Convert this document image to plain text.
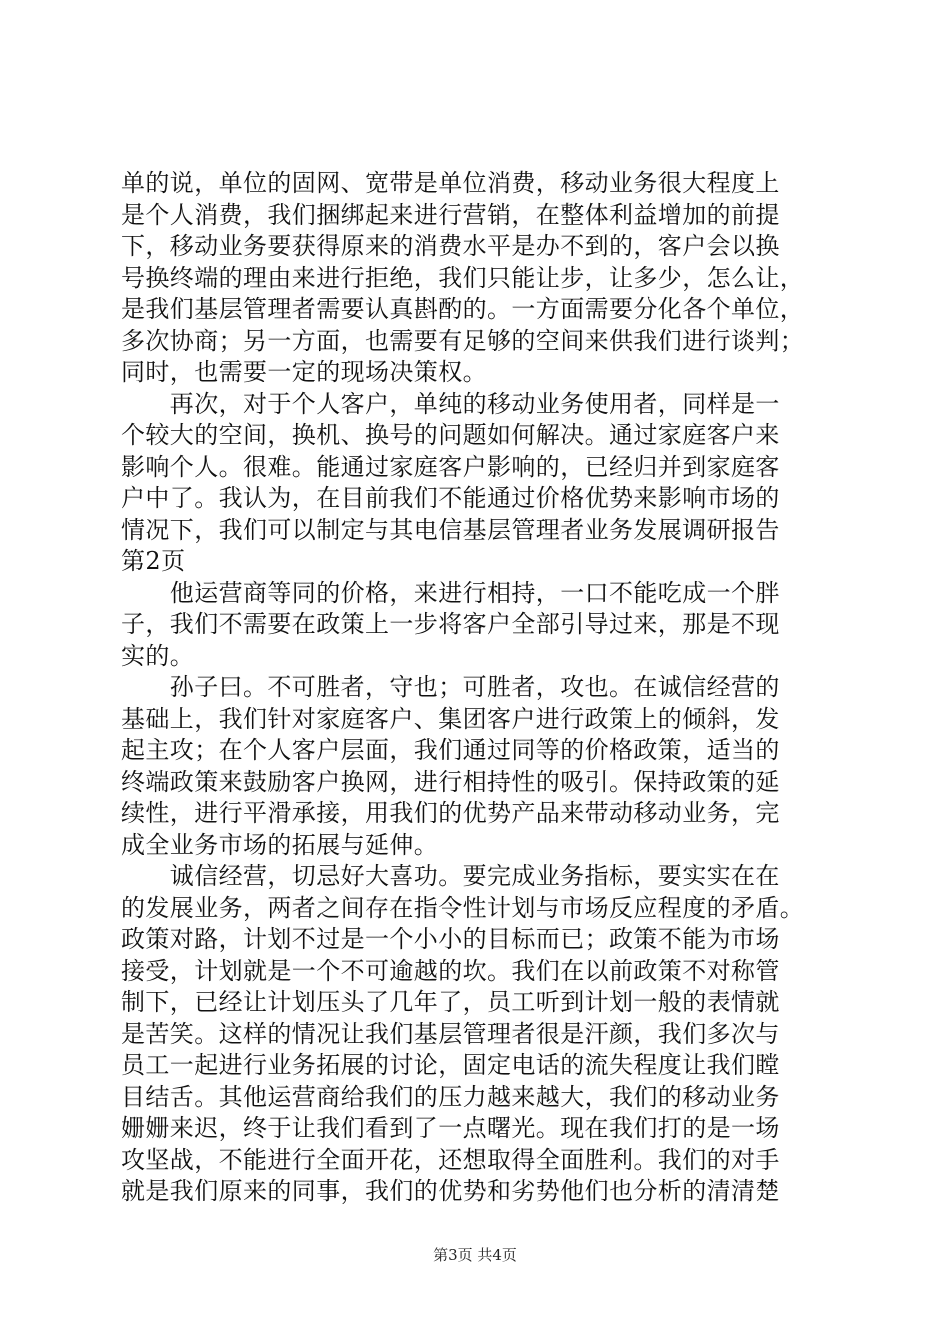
单的说，单位的固网、宽带是单位消费，移动业务很大程度上
是个人消费，我们捆绑起来进行营销，在整体利益增加的前提
下，移动业务要获得原来的消费水平是办不到的，客户会以换
号换终端的理由来进行拒绝，我们只能让步，让多少，怎么让，
是我们基层管理者需要认真斟酌的。一方面需要分化各个单位，
多次协商；另一方面，也需要有足够的空间来供我们进行谈判；
同时，也需要一定的现场决策权。
　　再次，对于个人客户，单纯的移动业务使用者，同样是一
个较大的空间，换机、换号的问题如何解决。通过家庭客户来
影响个人。很难。能通过家庭客户影响的，已经归并到家庭客
户中了。我认为，在目前我们不能通过价格优势来影响市场的
情况下，我们可以制定与其电信基层管理者业务发展调研报告
第2页
　　他运营商等同的价格，来进行相持，一口不能吃成一个胖
子，我们不需要在政策上一步将客户全部引导过来，那是不现
实的。
　　孙子曰。不可胜者，守也；可胜者，攻也。在诚信经营的
基础上，我们针对家庭客户、集团客户进行政策上的倾斜，发
起主攻；在个人客户层面，我们通过同等的价格政策，适当的
终端政策来鼓励客户换网，进行相持性的吸引。保持政策的延
续性，进行平滑承接，用我们的优势产品来带动移动业务，完
成全业务市场的拓展与延伸。
　　诚信经营，切忌好大喜功。要完成业务指标，要实实在在
的发展业务，两者之间存在指令性计划与市场反应程度的矛盾。
政策对路，计划不过是一个小小的目标而已；政策不能为市场
接受，计划就是一个不可逾越的坎。我们在以前政策不对称管
制下，已经让计划压头了几年了，员工听到计划一般的表情就
是苦笑。这样的情况让我们基层管理者很是汗颜，我们多次与
员工一起进行业务拓展的讨论，固定电话的流失程度让我们瞠
目结舌。其他运营商给我们的压力越来越大，我们的移动业务
姗姗来迟，终于让我们看到了一点曙光。现在我们打的是一场
攻坚战，不能进行全面开花，还想取得全面胜利。我们的对手
就是我们原来的同事，我们的优势和劣势他们也分析的清清楚
第3页 共4页
